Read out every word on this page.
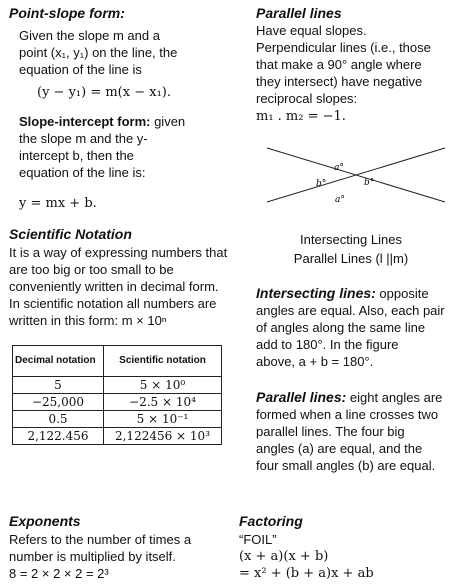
Point-slope form:
Given the slope m and a
point (x₁, y₁) on the line, the
equation of the line is
(y − y₁) = m(x − x₁).
Slope-intercept form: given
the slope m and the y-
intercept b, then the
equation of the line is:
y = mx + b.
Scientific Notation
It is a way of expressing numbers that
are too big or too small to be
conveniently written in decimal form.
In scientific notation all numbers are
written in this form: m × 10ⁿ
Decimal notation	Scientific notation
5	5 × 10⁰
−25,000	−2.5 × 10⁴
0.5	5 × 10⁻¹
2,122.456	2,122456 × 10³
Exponents
Refers to the number of times a
number is multiplied by itself.
8 = 2 × 2 × 2 = 2³
Parallel lines
Have equal slopes.
Perpendicular lines (i.e., those
that make a 90° angle where
they intersect) have negative
reciprocal slopes:
m₁ . m₂ = −1.
a°
b°	b°
a°
Intersecting Lines
Parallel Lines (l ||m)
Intersecting lines: opposite
angles are equal. Also, each pair
of angles along the same line
add to 180°. In the figure
above, a + b = 180°.
Parallel lines: eight angles are
formed when a line crosses two
parallel lines. The four big
angles (a) are equal, and the
four small angles (b) are equal.
Factoring
“FOIL”
(x + a)(x + b)
= x² + (b + a)x + ab
